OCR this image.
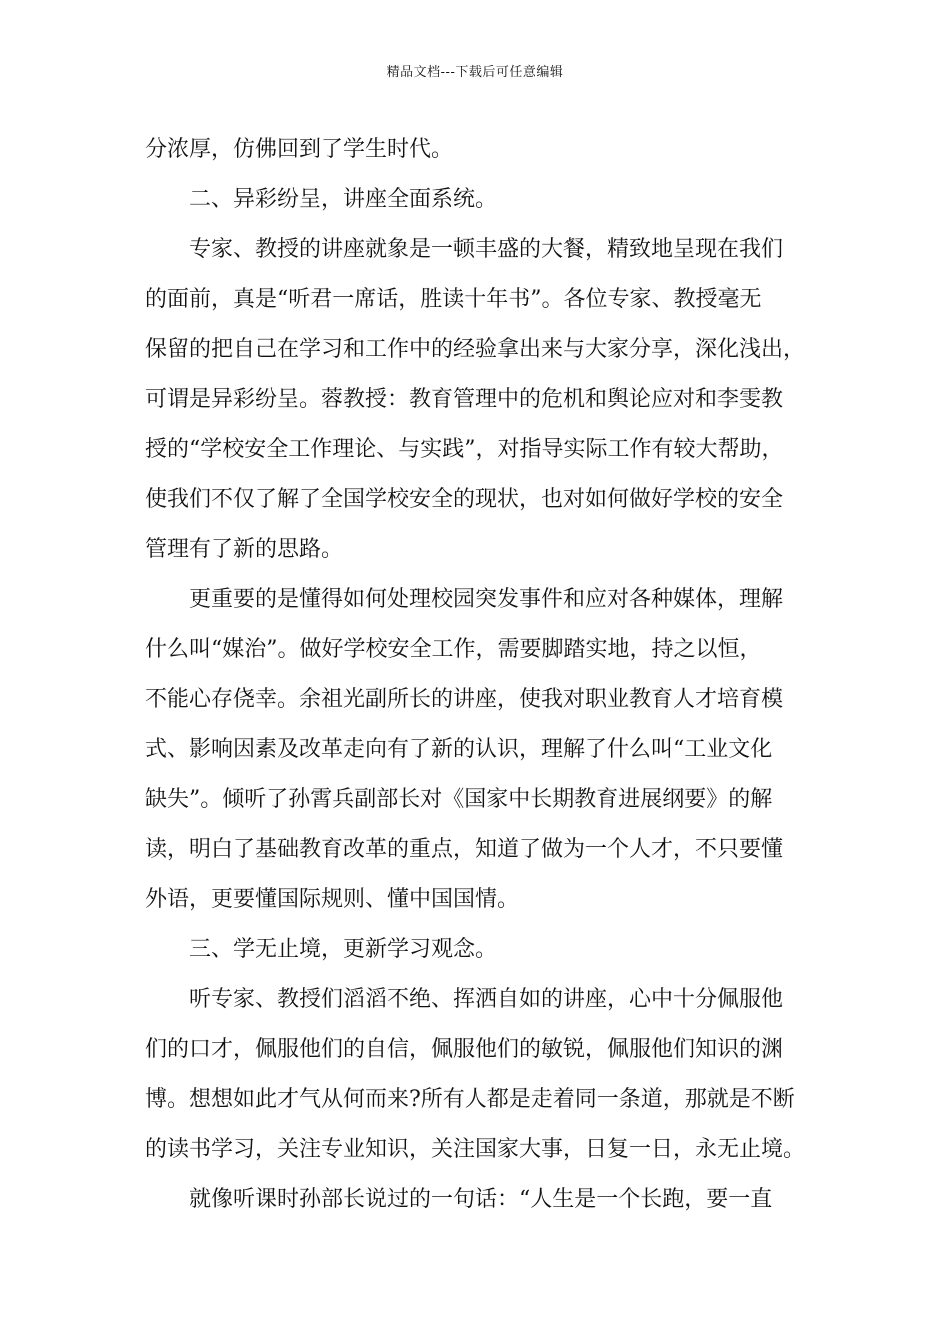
精品文档---下载后可任意编辑
分浓厚，仿佛回到了学生时代。
二、异彩纷呈，讲座全面系统。
专家、教授的讲座就象是一顿丰盛的大餐，精致地呈现在我们
的面前，真是“听君一席话，胜读十年书”。各位专家、教授毫无
保留的把自己在学习和工作中的经验拿出来与大家分享，深化浅出，
可谓是异彩纷呈。蓉教授：教育管理中的危机和舆论应对和李雯教
授的“学校安全工作理论、与实践”，对指导实际工作有较大帮助，
使我们不仅了解了全国学校安全的现状，也对如何做好学校的安全
管理有了新的思路。
更重要的是懂得如何处理校园突发事件和应对各种媒体，理解
什么叫“媒治”。做好学校安全工作，需要脚踏实地，持之以恒，
不能心存侥幸。余祖光副所长的讲座，使我对职业教育人才培育模
式、影响因素及改革走向有了新的认识，理解了什么叫“工业文化
缺失”。倾听了孙霄兵副部长对《国家中长期教育进展纲要》的解
读，明白了基础教育改革的重点，知道了做为一个人才，不只要懂
外语，更要懂国际规则、懂中国国情。
三、学无止境，更新学习观念。
听专家、教授们滔滔不绝、挥洒自如的讲座，心中十分佩服他
们的口才，佩服他们的自信，佩服他们的敏锐，佩服他们知识的渊
博。想想如此才气从何而来?所有人都是走着同一条道，那就是不断
的读书学习，关注专业知识，关注国家大事，日复一日，永无止境。
就像听课时孙部长说过的一句话：“人生是一个长跑，要一直
